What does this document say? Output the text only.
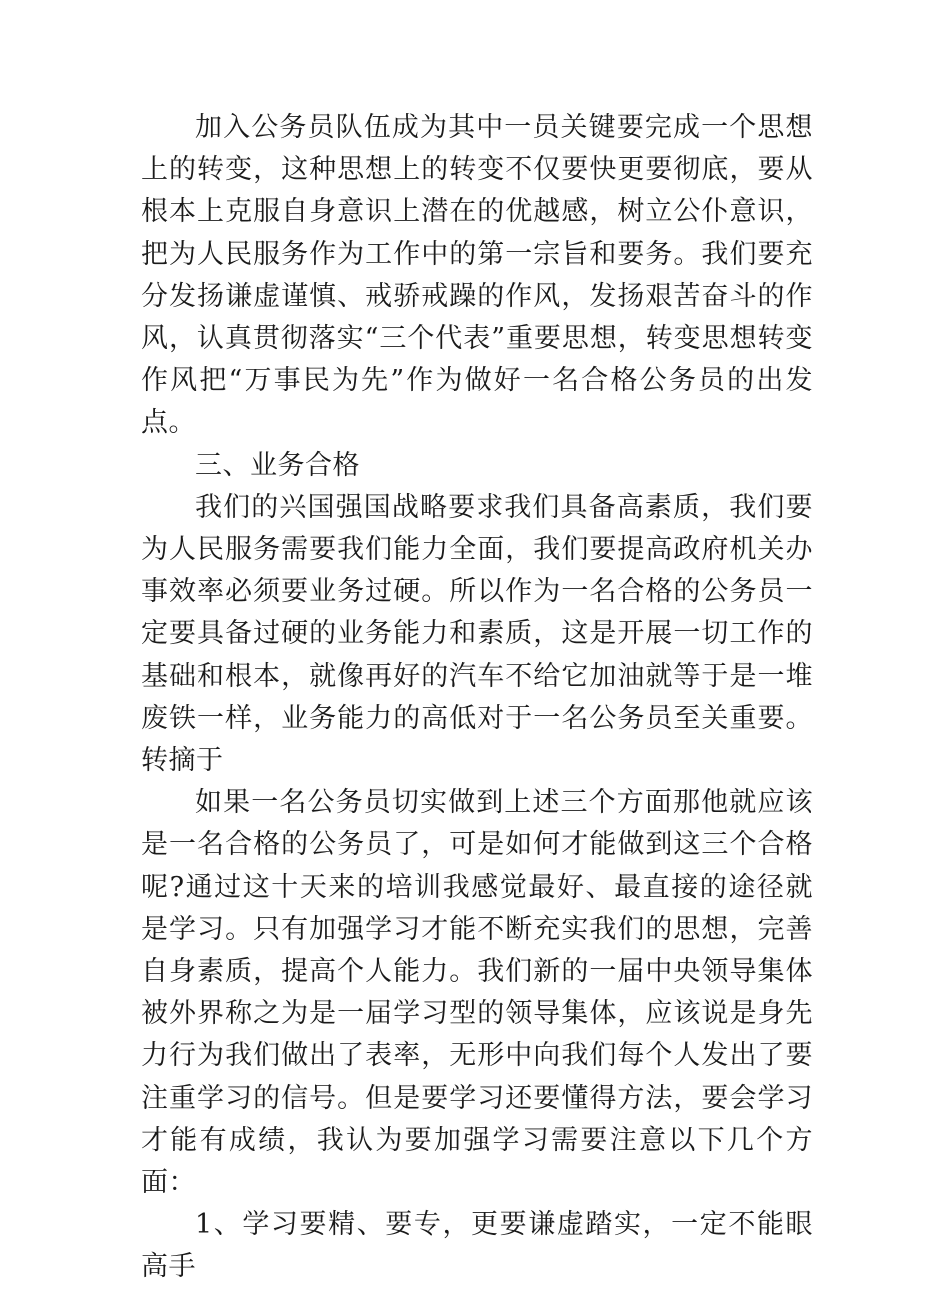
加入公务员队伍成为其中一员关键要完成一个思想上的转变，这种思想上的转变不仅要快更要彻底，要从根本上克服自身意识上潜在的优越感，树立公仆意识，把为人民服务作为工作中的第一宗旨和要务。我们要充分发扬谦虚谨慎、戒骄戒躁的作风，发扬艰苦奋斗的作风，认真贯彻落实“三个代表”重要思想，转变思想转变作风把“万事民为先”作为做好一名合格公务员的出发点。

三、业务合格

我们的兴国强国战略要求我们具备高素质，我们要为人民服务需要我们能力全面，我们要提高政府机关办事效率必须要业务过硬。所以作为一名合格的公务员一定要具备过硬的业务能力和素质，这是开展一切工作的基础和根本，就像再好的汽车不给它加油就等于是一堆废铁一样，业务能力的高低对于一名公务员至关重要。转摘于

如果一名公务员切实做到上述三个方面那他就应该是一名合格的公务员了，可是如何才能做到这三个合格呢?通过这十天来的培训我感觉最好、最直接的途径就是学习。只有加强学习才能不断充实我们的思想，完善自身素质，提高个人能力。我们新的一届中央领导集体被外界称之为是一届学习型的领导集体，应该说是身先力行为我们做出了表率，无形中向我们每个人发出了要注重学习的信号。但是要学习还要懂得方法，要会学习才能有成绩，我认为要加强学习需要注意以下几个方面：

1、学习要精、要专，更要谦虚踏实，一定不能眼高手
